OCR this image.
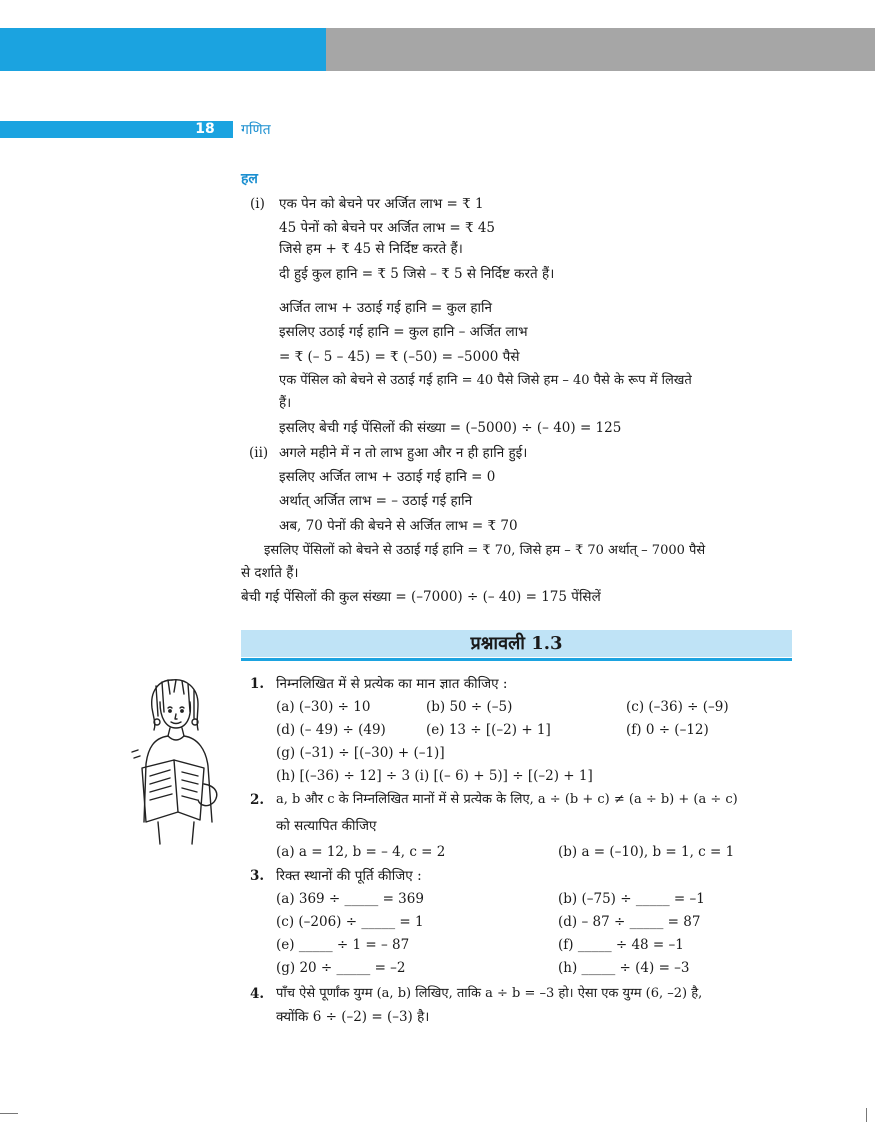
18	गणित
हल
(i) एक पेन को बेचने पर अर्जित लाभ = ₹ 1
45 पेनों को बेचने पर अर्जित लाभ = ₹ 45
जिसे हम + ₹ 45 से निर्दिष्ट करते हैं।
दी हुई कुल हानि = ₹ 5 जिसे – ₹ 5 से निर्दिष्ट करते हैं।
अर्जित लाभ + उठाई गई हानि = कुल हानि
इसलिए उठाई गई हानि = कुल हानि – अर्जित लाभ
= ₹ (– 5 – 45) = ₹ (–50) = –5000 पैसे
एक पेंसिल को बेचने से उठाई गई हानि = 40 पैसे जिसे हम – 40 पैसे के रूप में लिखते
हैं।
इसलिए बेची गई पेंसिलों की संख्या = (–5000) ÷ (– 40) = 125
(ii) अगले महीने में न तो लाभ हुआ और न ही हानि हुई।
इसलिए अर्जित लाभ + उठाई गई हानि = 0
अर्थात् अर्जित लाभ = – उठाई गई हानि
अब, 70 पेनों की बेचने से अर्जित लाभ = ₹ 70
इसलिए पेंसिलों को बेचने से उठाई गई हानि = ₹ 70, जिसे हम – ₹ 70 अर्थात् – 7000 पैसे
से दर्शाते हैं।
बेची गई पेंसिलों की कुल संख्या = (–7000) ÷ (– 40) = 175 पेंसिलें
प्रश्नावली 1.3
1. निम्नलिखित में से प्रत्येक का मान ज्ञात कीजिए :
(a) (–30) ÷ 10	(b) 50 ÷ (–5)	(c) (–36) ÷ (–9)
(d) (– 49) ÷ (49)	(e) 13 ÷ [(–2) + 1]	(f) 0 ÷ (–12)
(g) (–31) ÷ [(–30) + (–1)]
(h) [(–36) ÷ 12] ÷ 3 (i) [(– 6) + 5)] ÷ [(–2) + 1]
2. a, b और c के निम्नलिखित मानों में से प्रत्येक के लिए, a ÷ (b + c) ≠ (a ÷ b) + (a ÷ c)
को सत्यापित कीजिए
(a) a = 12, b = – 4, c = 2	(b) a = (–10), b = 1, c = 1
3. रिक्त स्थानों की पूर्ति कीजिए :
(a) 369 ÷ _____ = 369	(b) (–75) ÷ _____ = –1
(c) (–206) ÷ _____ = 1	(d) – 87 ÷ _____ = 87
(e) _____ ÷ 1 = – 87	(f) _____ ÷ 48 = –1
(g) 20 ÷ _____ = –2	(h) _____ ÷ (4) = –3
4. पाँच ऐसे पूर्णांक युग्म (a, b) लिखिए, ताकि a ÷ b = –3 हो। ऐसा एक युग्म (6, –2) है,
क्योंकि 6 ÷ (–2) = (–3) है।
